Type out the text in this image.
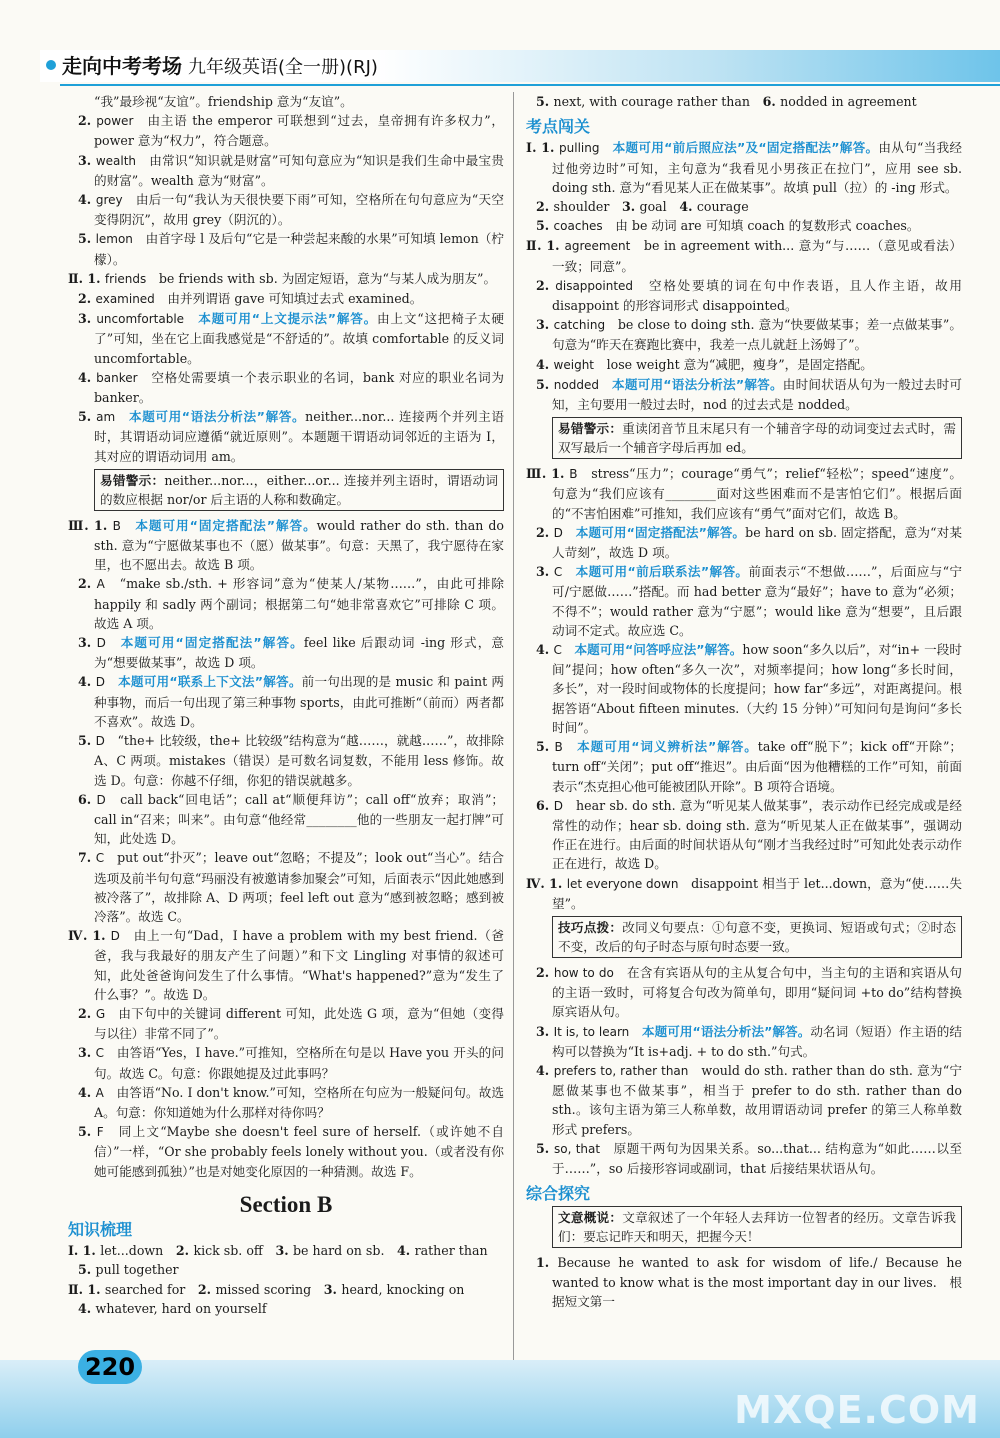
走向中考考场 九年级英语(全一册)(RJ)

“我”最珍视“友谊”。friendship 意为“友谊”。

2. power　由主语 the emperor 可联想到“过去，皇帝拥有许多权力”，power 意为“权力”，符合题意。

3. wealth　由常识“知识就是财富”可知句意应为“知识是我们生命中最宝贵的财富”。wealth 意为“财富”。

4. grey　由后一句“我认为天很快要下雨”可知，空格所在句句意应为“天空变得阴沉”，故用 grey（阴沉的）。

5. lemon　由首字母 l 及后句“它是一种尝起来酸的水果”可知填 lemon（柠檬）。

Ⅱ. 1. friends　be friends with sb. 为固定短语，意为“与某人成为朋友”。

2. examined　由并列谓语 gave 可知填过去式 examined。

3. uncomfortable　 本题可用“上文提示法”解答。由上文“这把椅子太硬了”可知，坐在它上面我感觉是“不舒适的”。故填 comfortable 的反义词 uncomfortable。

4. banker　空格处需要填一个表示职业的名词，bank 对应的职业名词为 banker。

5. am　 本题可用“语法分析法”解答。neither...nor... 连接两个并列主语时，其谓语动词应遵循“就近原则”。本题题干谓语动词邻近的主语为 I，其对应的谓语动词用 am。

易错警示：neither...nor...，either...or... 连接并列主语时，谓语动词的数应根据 nor/or 后主语的人称和数确定。

Ⅲ. 1. B　 本题可用“固定搭配法”解答。would rather do sth. than do sth. 意为“宁愿做某事也不（愿）做某事”。句意：天黑了，我宁愿待在家里，也不愿出去。故选 B 项。

2. A　“make sb./sth. + 形容词”意为“使某人/某物……”，由此可排除 happily 和 sadly 两个副词；根据第二句“她非常喜欢它”可排除 C 项。故选 A 项。

3. D　 本题可用“固定搭配法”解答。feel like 后跟动词 -ing 形式，意为“想要做某事”，故选 D 项。

4. D　 本题可用“联系上下文法”解答。前一句出现的是 music 和 paint 两种事物，而后一句出现了第三种事物 sports，由此可推断“（前而）两者都不喜欢”。故选 D。

5. D　“the+ 比较级，the+ 比较级”结构意为“越……，就越……”，故排除 A、C 两项。mistakes（错误）是可数名词复数，不能用 less 修饰。故选 D。句意：你越不仔细，你犯的错误就越多。

6. D　call back“回电话”；call at“顺便拜访”；call off“放弃；取消”；call in“召来；叫来”。由句意“他经常________他的一些朋友一起打牌”可知，此处选 D。

7. C　put out“扑灭”；leave out“忽略；不提及”；look out“当心”。结合选项及前半句句意“玛丽没有被邀请参加聚会”可知，后面表示“因此她感到被冷落了”，故排除 A、D 两项；feel left out 意为“感到被忽略；感到被冷落”。故选 C。

Ⅳ. 1. D　由上一句“Dad，I have a problem with my best friend.（爸爸，我与我最好的朋友产生了问题）”和下文 Lingling 对事情的叙述可知，此处爸爸询问发生了什么事情。“What's happened?”意为“发生了什么事？”。故选 D。

2. G　由下句中的关键词 different 可知，此处选 G 项，意为“但她（变得与以往）非常不同了”。

3. C　由答语“Yes，I have.”可推知，空格所在句是以 Have you 开头的问句。故选 C。句意：你跟她提及过此事吗？

4. A　由答语“No. I don't know.”可知，空格所在句应为一般疑问句。故选 A。句意：你知道她为什么那样对待你吗？

5. F　同上文“Maybe she doesn't feel sure of herself.（或许她不自信）”一样，“Or she probably feels lonely without you.（或者没有你她可能感到孤独）”也是对她变化原因的一种猜测。故选 F。

Section B
知识梳理

Ⅰ. 1. let...down　2. kick sb. off　3. be hard on sb.　4. rather than

5. pull together

Ⅱ. 1. searched for　2. missed scoring　3. heard, knocking on

4. whatever, hard on yourself

5. next, with courage rather than　6. nodded in agreement

考点闯关

Ⅰ. 1. pulling　 本题可用“前后照应法”及“固定搭配法”解答。由从句“当我经过他旁边时”可知，主句意为“我看见小男孩正在拉门”，应用 see sb. doing sth. 意为“看见某人正在做某事”。故填 pull（拉）的 -ing 形式。

2. shoulder　3. goal　4. courage

5. coaches　由 be 动词 are 可知填 coach 的复数形式 coaches。

Ⅱ. 1. agreement　be in agreement with... 意为“与……（意见或看法）一致；同意”。

2. disappointed　空格处要填的词在句中作表语，且人作主语，故用 disappoint 的形容词形式 disappointed。

3. catching　be close to doing sth. 意为“快要做某事；差一点做某事”。句意为“昨天在赛跑比赛中，我差一点儿就赶上汤姆了”。

4. weight　lose weight 意为“减肥，瘦身”，是固定搭配。

5. nodded　 本题可用“语法分析法”解答。由时间状语从句为一般过去时可知，主句要用一般过去时，nod 的过去式是 nodded。

易错警示：重读闭音节且末尾只有一个辅音字母的动词变过去式时，需双写最后一个辅音字母后再加 ed。

Ⅲ. 1. B　stress“压力”；courage“勇气”；relief“轻松”；speed“速度”。句意为“我们应该有________面对这些困难而不是害怕它们”。根据后面的“不害怕困难”可推知，我们应该有“勇气”面对它们，故选 B。

2. D　 本题可用“固定搭配法”解答。be hard on sb. 固定搭配，意为“对某人苛刻”，故选 D 项。

3. C　 本题可用“前后联系法”解答。前面表示“不想做……”，后面应与“宁可/宁愿做……”搭配。而 had better 意为“最好”；have to 意为“必须；不得不”；would rather 意为“宁愿”；would like 意为“想要”，且后跟动词不定式。故应选 C。

4. C　 本题可用“问答呼应法”解答。how soon“多久以后”，对“in+ 一段时间”提问；how often“多久一次”，对频率提问；how long“多长时间，多长”，对一段时间或物体的长度提问；how far“多远”，对距离提问。根据答语“About fifteen minutes.（大约 15 分钟）”可知问句是询问“多长时间”。

5. B　 本题可用“词义辨析法”解答。take off“脱下”；kick off“开除”；turn off“关闭”；put off“推迟”。由后面“因为他糟糕的工作”可知，前面表示“杰克担心他可能被团队开除”。B 项符合语境。

6. D　hear sb. do sth. 意为“听见某人做某事”，表示动作已经完成或是经常性的动作；hear sb. doing sth. 意为“听见某人正在做某事”，强调动作正在进行。由后面的时间状语从句“刚才当我经过时”可知此处表示动作正在进行，故选 D。

Ⅳ. 1. let everyone down　disappoint 相当于 let...down，意为“使……失望”。

技巧点拨：改同义句要点：①句意不变，更换词、短语或句式；②时态不变，改后的句子时态与原句时态要一致。

2. how to do　在含有宾语从句的主从复合句中，当主句的主语和宾语从句的主语一致时，可将复合句改为简单句，即用“疑问词 +to do”结构替换原宾语从句。

3. It is, to learn　 本题可用“语法分析法”解答。动名词（短语）作主语的结构可以替换为“It is+adj. + to do sth.”句式。

4. prefers to, rather than　would do sth. rather than do sth. 意为“宁愿做某事也不做某事”，相当于 prefer to do sth. rather than do sth.。该句主语为第三人称单数，故用谓语动词 prefer 的第三人称单数形式 prefers。

5. so, that　原题干两句为因果关系。so...that... 结构意为“如此……以至于……”，so 后接形容词或副词，that 后接结果状语从句。

综合探究
文意概说：文章叙述了一个年轻人去拜访一位智者的经历。文章告诉我们：要忘记昨天和明天，把握今天！

1. Because he wanted to ask for wisdom of life./ Because he wanted to know what is the most important day in our lives.　根据短文第一

220
MXQE.COM
